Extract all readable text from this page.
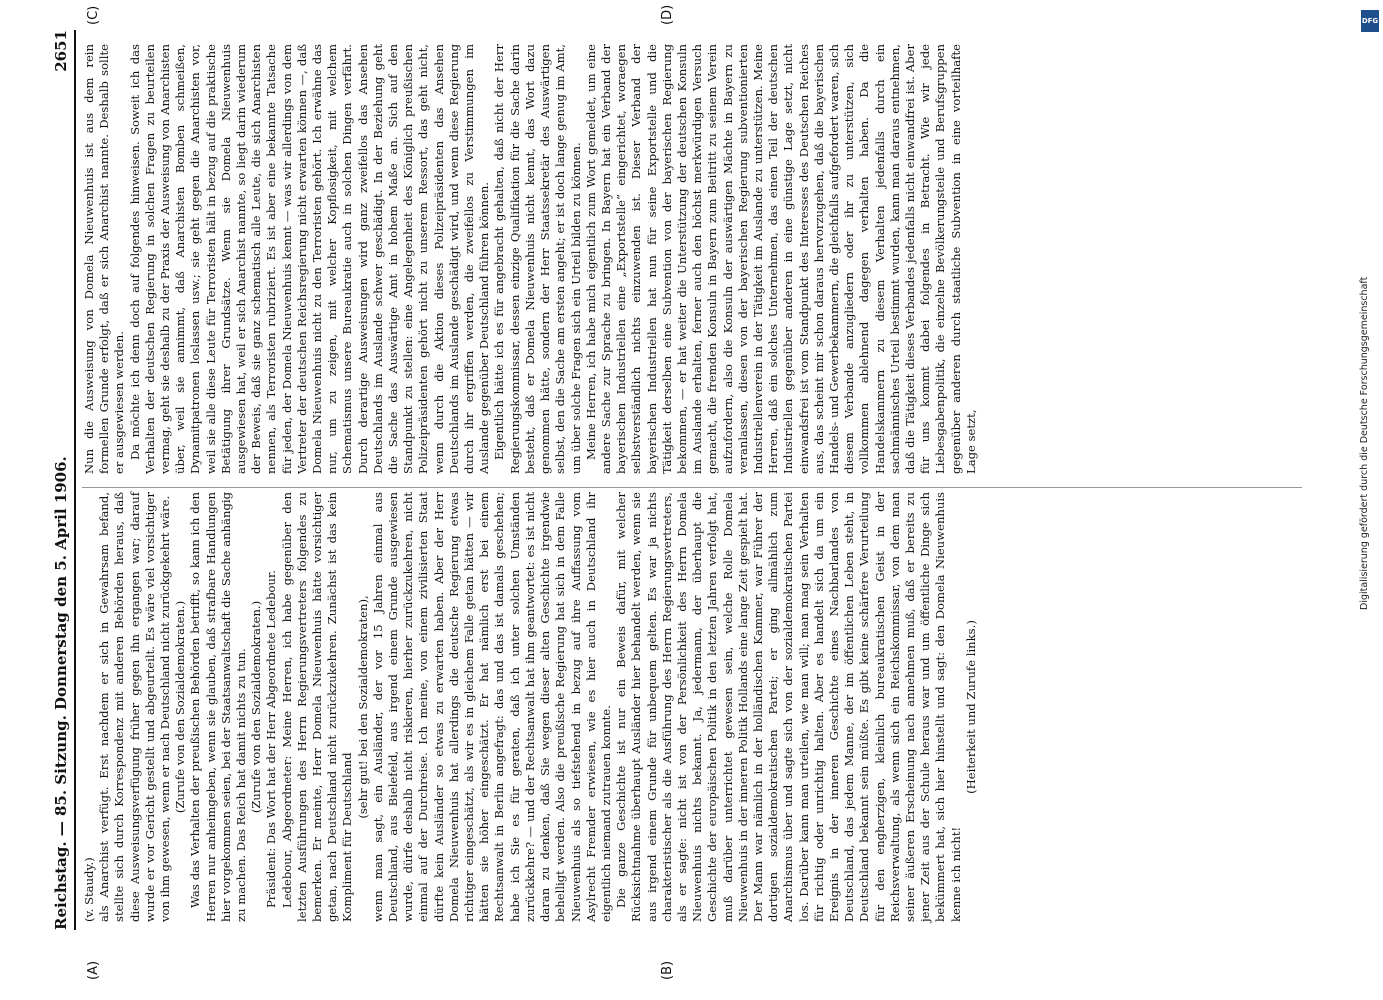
Reichstag. — 85. Sitzung. Donnerstag den 5. April 1906.
2651
(A)	(B)
(C)	(D)

(v. Staudy.) als Anarchist verfügt. Erst nachdem er sich in Gewahrsam befand, stellte sich durch Korrespondenz mit anderen Behörden heraus, daß diese Ausweisungsverfügung früher gegen ihn ergangen war; darauf wurde er vor Gericht gestellt und abgeurteilt. Es wäre viel vorsichtiger von ihm gewesen, wenn er nach Deutschland nicht zurückgekehrt wäre. (Zurufe von den Sozialdemokraten.) Was das Verhalten der preußischen Behörden betrifft, so kann ich den Herren nur anheimgeben, wenn sie glauben, daß strafbare Handlungen hier vorgekommen seien, bei der Staatsanwaltschaft die Sache anhängig zu machen. Das Reich hat damit nichts zu tun. (Zurufe von den Sozialdemokraten.) Präsident: Das Wort hat der Herr Abgeordnete Ledebour. Ledebour, Abgeordneter: Meine Herren, ich habe gegenüber den letzten Ausführungen des Herrn Regierungsvertreters folgendes zu bemerken. Er meinte, Herr Domela Nieuwenhuis hätte vorsichtiger getan, nach Deutschland nicht zurückzukehren. Zunächst ist das kein Kompliment für Deutschland

(sehr gut! bei den Sozialdemokraten), wenn man sagt, ein Ausländer, der vor 15 Jahren einmal aus Deutschland, aus Bielefeld, aus irgend einem Grunde ausgewiesen wurde, dürfe deshalb nicht riskieren, hierher zurückzukehren, nicht einmal auf der Durchreise. Ich meine, von einem zivilisierten Staat dürfte kein Ausländer so etwas zu erwarten haben. Aber der Herr Domela Nieuwenhuis hat allerdings die deutsche Regierung etwas richtiger eingeschätzt, als wir es in gleichem Falle getan hätten — wir hätten sie höher eingeschätzt. Er hat nämlich erst bei einem Rechtsanwalt in Berlin angefragt: das und das ist damals geschehen; habe ich Sie es für geraten, daß ich unter solchen Umständen zurückkehre? — und der Rechtsanwalt hat ihm geantwortet: es ist nicht daran zu denken, daß Sie wegen dieser alten Geschichte irgendwie behelligt werden. Also die preußische Regierung hat sich in dem Falle Nieuwenhuis als so tiefstehend in bezug auf ihre Auffassung vom Asylrecht Fremder erwiesen, wie es hier auch in Deutschland ihr eigentlich niemand zutrauen konnte. Die ganze Geschichte ist nur ein Beweis dafür, mit welcher Rücksichtnahme überhaupt Ausländer hier behandelt werden, wenn sie aus irgend einem Grunde für unbequem gelten. Es war ja nichts charakteristischer als die Ausführung des Herrn Regierungsvertreters, als er sagte: nicht ist von der Persönlichkeit des Herrn Domela Nieuwenhuis nichts bekannt. Ja, jedermann, der überhaupt die Geschichte der europäischen Politik in den letzten Jahren verfolgt hat, muß darüber unterrichtet gewesen sein, welche Rolle Domela Nieuwenhuis in der inneren Politik Hollands eine lange Zeit gespielt hat. Der Mann war nämlich in der holländischen Kammer, war Führer der dortigen sozialdemokratischen Partei; er ging allmählich zum Anarchismus über und sagte sich von der sozialdemokratischen Partei los. Darüber kann man urteilen, wie man will; man mag sein Verhalten für richtig oder unrichtig halten. Aber es handelt sich da um ein Ereignis in der inneren Geschichte eines Nachbarlandes von Deutschland, das jedem Manne, der im öffentlichen Leben steht, in Deutschland bekannt sein müßte. Es gibt keine schärfere Verurteilung für den engherzigen, kleinlich bureaukratischen Geist in der Reichsverwaltung, als wenn sich ein Reichskommissar, von dem man seiner äußeren Erscheinung nach annehmen muß, daß er bereits zu jener Zeit aus der Schule heraus war und um öffentliche Dinge sich bekümmert hat, sich hier hinstellt und sagt: den Domela Nieuwenhuis kenne ich nicht!

(Heiterkeit und Zurufe links.)

Nun die Ausweisung von Domela Nieuwenhuis ist aus dem rein formellen Grunde erfolgt, daß er sich Anarchist nannte. Deshalb sollte er ausgewiesen werden. Da möchte ich denn doch auf folgendes hinweisen. Soweit ich das Verhalten der deutschen Regierung in solchen Fragen zu beurteilen vermag, geht sie deshalb zu der Praxis der Ausweisung von Anarchisten über, weil sie annimmt, daß Anarchisten Bomben schmeißen, Dynamitpatronen loslassen usw.; sie geht gegen die Anarchisten vor, weil sie alle diese Leute für Terroristen hält in bezug auf die praktische Betätigung ihrer Grundsätze. Wenn sie Domela Nieuwenhuis ausgewiesen hat, weil er sich Anarchist nannte, so liegt darin wiederum der Beweis, daß sie ganz schematisch alle Leute, die sich Anarchisten nennen, als Terroristen rubriziert. Es ist aber eine bekannte Tatsache für jeden, der Domela Nieuwenhuis kennt — was wir allerdings von dem Vertreter der deutschen Reichsregierung nicht erwarten können —, daß Domela Nieuwenhuis nicht zu den Terroristen gehört. Ich erwähne das nur, um zu zeigen, mit welcher Kopflosigkeit, mit welchem Schematismus unsere Bureaukratie auch in solchen Dingen verfährt. Durch derartige Ausweisungen wird ganz zweifellos das Ansehen Deutschlands im Auslande schwer geschädigt. In der Beziehung geht die Sache das Auswärtige Amt in hohem Maße an. Sich auf den Standpunkt zu stellen: eine Angelegenheit des Königlich preußischen Polizeipräsidenten gehört nicht zu unserem Ressort, das geht nicht, wenn durch die Aktion dieses Polizeipräsidenten das Ansehen Deutschlands im Auslande geschädigt wird, und wenn diese Regierung durch ihr ergriffen werden, die zweifellos zu Verstimmungen im Auslande gegenüber Deutschland führen können. Eigentlich hätte ich es für angebracht gehalten, daß nicht der Herr Regierungskommissar, dessen einzige Qualifikation für die Sache darin besteht, daß er Domela Nieuwenhuis nicht kennt, das Wort dazu genommen hätte, sondern der Herr Staatssekretär des Auswärtigen selbst, den die Sache am ersten angeht; er ist doch lange genug im Amt, um über solche Fragen sich ein Urteil bilden zu können. Meine Herren, ich habe mich eigentlich zum Wort gemeldet, um eine andere Sache zur Sprache zu bringen. In Bayern hat ein Verband der bayerischen Industriellen eine „Exportstelle“ eingerichtet, woraegen selbstverständlich nichts einzuwenden ist. Dieser Verband der bayerischen Industriellen hat nun für seine Exportstelle und die Tätigkeit derselben eine Subvention von der bayerischen Regierung bekommen, — er hat weiter die Unterstützung der deutschen Konsuln im Auslande erhalten, ferner auch den höchst merkwürdigen Versuch gemacht, die fremden Konsuln in Bayern zum Beitritt zu seinem Verein aufzufordern, also die Konsuln der auswärtigen Mächte in Bayern zu veranlassen, diesen von der bayerischen Regierung subventionierten Industriellenverein in der Tätigkeit im Auslande zu unterstützen. Meine Herren, daß ein solches Unternehmen, das einen Teil der deutschen Industriellen gegenüber anderen in eine günstige Lage setzt, nicht einwandsfrei ist vom Standpunkt des Interesses des Deutschen Reiches aus, das scheint mir schon daraus hervorzugehen, daß die bayerischen Handels- und Gewerbekammern, die gleichfalls aufgefordert waren, sich diesem Verbande anzugliedern oder ihr zu unterstützen, sich vollkommen ablehnend dagegen verhalten haben. Da die Handelskammern zu diesem Verhalten jedenfalls durch ein sachmännisches Urteil bestimmt wurden, kann man daraus entnehmen, daß die Tätigkeit dieses Verbandes jedenfalls nicht einwandfrei ist. Aber für uns kommt dabei folgendes in Betracht. Wie wir jede Liebesgabenpolitik, die einzelne Bevölkerungsteile und Berufsgruppen gegenüber anderen durch staatliche Subvention in eine vorteilhafte Lage setzt,	Digitalisierung gefördert durch die Deutsche Forschungsgemeinschaft
DFG
